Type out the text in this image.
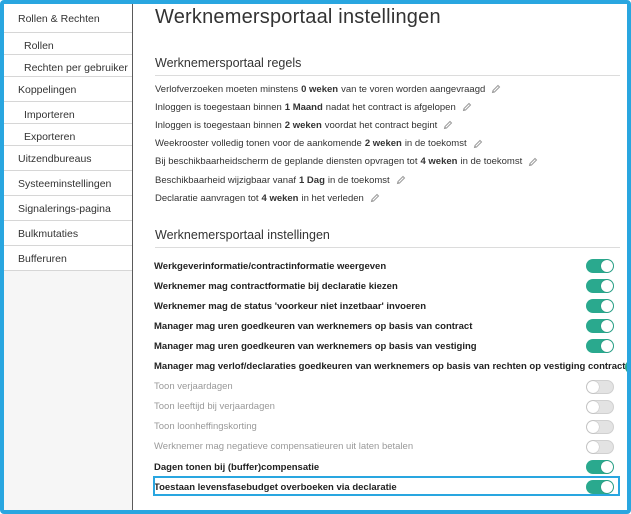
Rollen & Rechten
Rollen
Rechten per gebruiker
Koppelingen
Importeren
Exporteren
Uitzendbureaus
Systeeminstellingen
Signalerings-pagina
Bulkmutaties
Bufferuren
Werknemersportaal instellingen
Werknemersportaal regels
Verlofverzoeken moeten minstens 0 weken van te voren worden aangevraagd
Inloggen is toegestaan binnen 1 Maand nadat het contract is afgelopen
Inloggen is toegestaan binnen 2 weken voordat het contract begint
Weekrooster volledig tonen voor de aankomende 2 weken in de toekomst
Bij beschikbaarheidscherm de geplande diensten opvragen tot 4 weken in de toekomst
Beschikbaarheid wijzigbaar vanaf 1 Dag in de toekomst
Declaratie aanvragen tot 4 weken in het verleden
Werknemersportaal instellingen
Werkgeverinformatie/contractinformatie weergeven
Werknemer mag contractformatie bij declaratie kiezen
Werknemer mag de status 'voorkeur niet inzetbaar' invoeren
Manager mag uren goedkeuren van werknemers op basis van contract
Manager mag uren goedkeuren van werknemers op basis van vestiging
Manager mag verlof/declaraties goedkeuren van werknemers op basis van rechten op vestiging contract
Toon verjaardagen
Toon leeftijd bij verjaardagen
Toon loonheffingskorting
Werknemer mag negatieve compensatieuren uit laten betalen
Dagen tonen bij (buffer)compensatie
Toestaan levensfasebudget overboeken via declaratie
